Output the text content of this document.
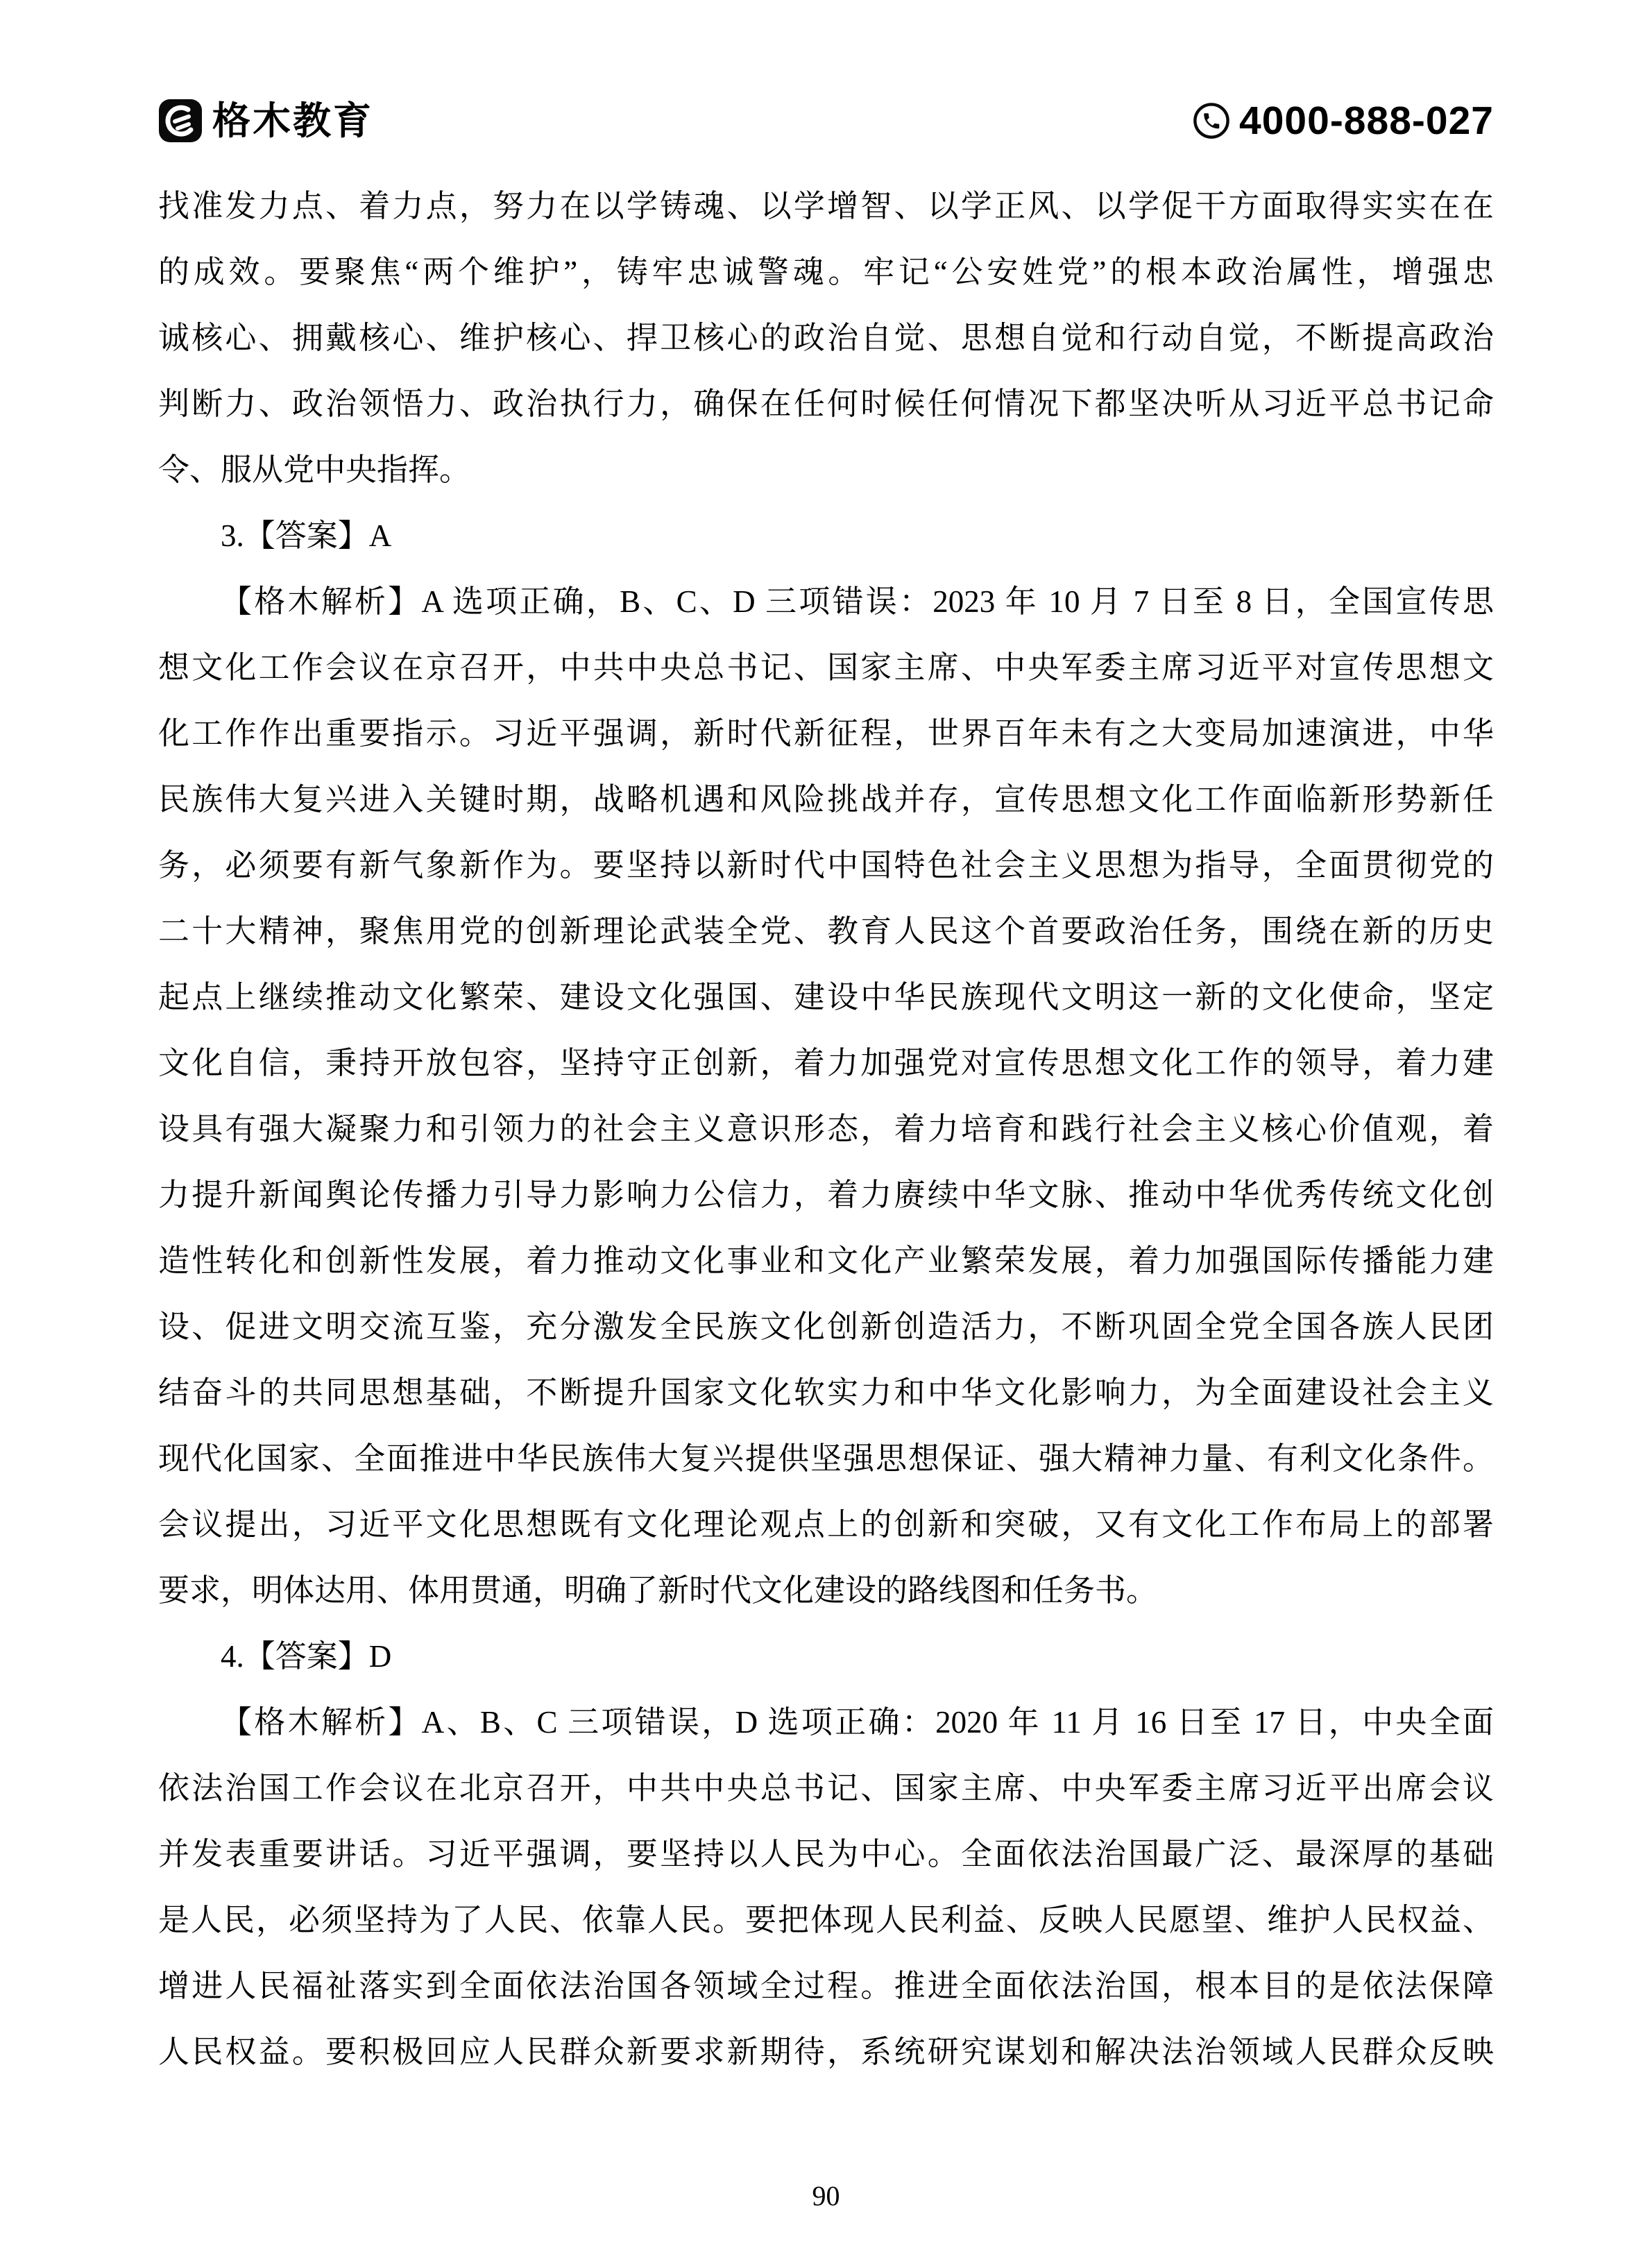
格木教育	4000-888-027
找准发力点、着力点，努力在以学铸魂、以学增智、以学正风、以学促干方面取得实实在在
的成效。要聚焦“两个维护”，铸牢忠诚警魂。牢记“公安姓党”的根本政治属性，增强忠
诚核心、拥戴核心、维护核心、捍卫核心的政治自觉、思想自觉和行动自觉，不断提高政治
判断力、政治领悟力、政治执行力，确保在任何时候任何情况下都坚决听从习近平总书记命
令、服从党中央指挥。
3.【答案】A
【格木解析】A 选项正确，B、C、D 三项错误：2023 年 10 月 7 日至 8 日，全国宣传思
想文化工作会议在京召开，中共中央总书记、国家主席、中央军委主席习近平对宣传思想文
化工作作出重要指示。习近平强调，新时代新征程，世界百年未有之大变局加速演进，中华
民族伟大复兴进入关键时期，战略机遇和风险挑战并存，宣传思想文化工作面临新形势新任
务，必须要有新气象新作为。要坚持以新时代中国特色社会主义思想为指导，全面贯彻党的
二十大精神，聚焦用党的创新理论武装全党、教育人民这个首要政治任务，围绕在新的历史
起点上继续推动文化繁荣、建设文化强国、建设中华民族现代文明这一新的文化使命，坚定
文化自信，秉持开放包容，坚持守正创新，着力加强党对宣传思想文化工作的领导，着力建
设具有强大凝聚力和引领力的社会主义意识形态，着力培育和践行社会主义核心价值观，着
力提升新闻舆论传播力引导力影响力公信力，着力赓续中华文脉、推动中华优秀传统文化创
造性转化和创新性发展，着力推动文化事业和文化产业繁荣发展，着力加强国际传播能力建
设、促进文明交流互鉴，充分激发全民族文化创新创造活力，不断巩固全党全国各族人民团
结奋斗的共同思想基础，不断提升国家文化软实力和中华文化影响力，为全面建设社会主义
现代化国家、全面推进中华民族伟大复兴提供坚强思想保证、强大精神力量、有利文化条件。
会议提出，习近平文化思想既有文化理论观点上的创新和突破，又有文化工作布局上的部署
要求，明体达用、体用贯通，明确了新时代文化建设的路线图和任务书。
4.【答案】D
【格木解析】A、B、C 三项错误，D 选项正确：2020 年 11 月 16 日至 17 日，中央全面
依法治国工作会议在北京召开，中共中央总书记、国家主席、中央军委主席习近平出席会议
并发表重要讲话。习近平强调，要坚持以人民为中心。全面依法治国最广泛、最深厚的基础
是人民，必须坚持为了人民、依靠人民。要把体现人民利益、反映人民愿望、维护人民权益、
增进人民福祉落实到全面依法治国各领域全过程。推进全面依法治国，根本目的是依法保障
人民权益。要积极回应人民群众新要求新期待，系统研究谋划和解决法治领域人民群众反映
90
